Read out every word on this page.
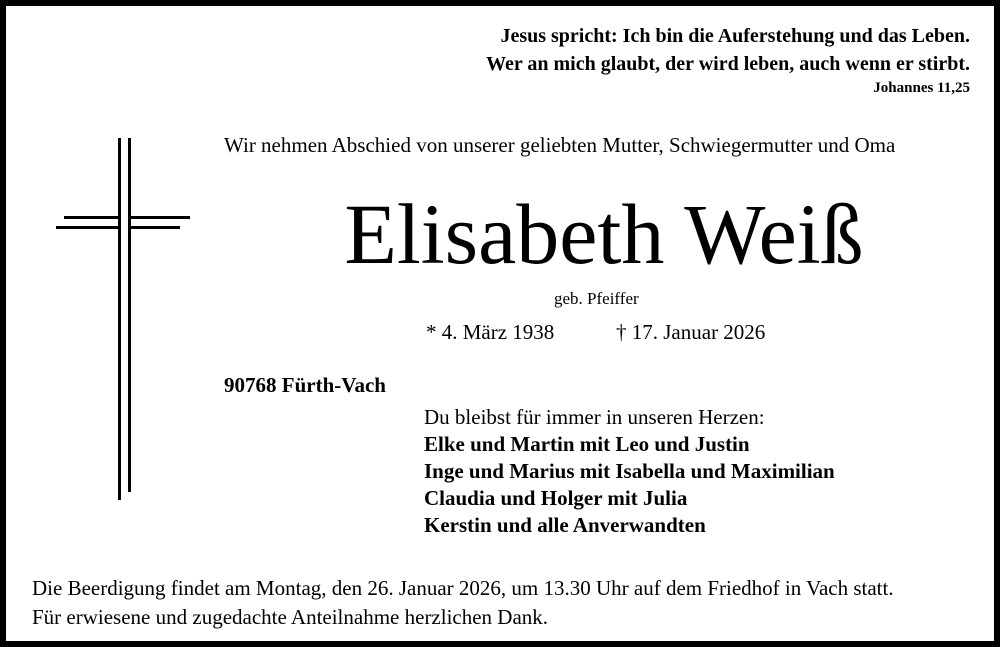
Jesus spricht: Ich bin die Auferstehung und das Leben.
Wer an mich glaubt, der wird leben, auch wenn er stirbt.
Johannes 11,25
Wir nehmen Abschied von unserer geliebten Mutter, Schwiegermutter und Oma
Elisabeth Weiß
geb. Pfeiffer
* 4. März 1938	† 17. Januar 2026
90768 Fürth-Vach
Du bleibst für immer in unseren Herzen:
Elke und Martin mit Leo und Justin
Inge und Marius mit Isabella und Maximilian
Claudia und Holger mit Julia
Kerstin und alle Anverwandten
Die Beerdigung findet am Montag, den 26. Januar 2026, um 13.30 Uhr auf dem Friedhof in Vach statt.
Für erwiesene und zugedachte Anteilnahme herzlichen Dank.
